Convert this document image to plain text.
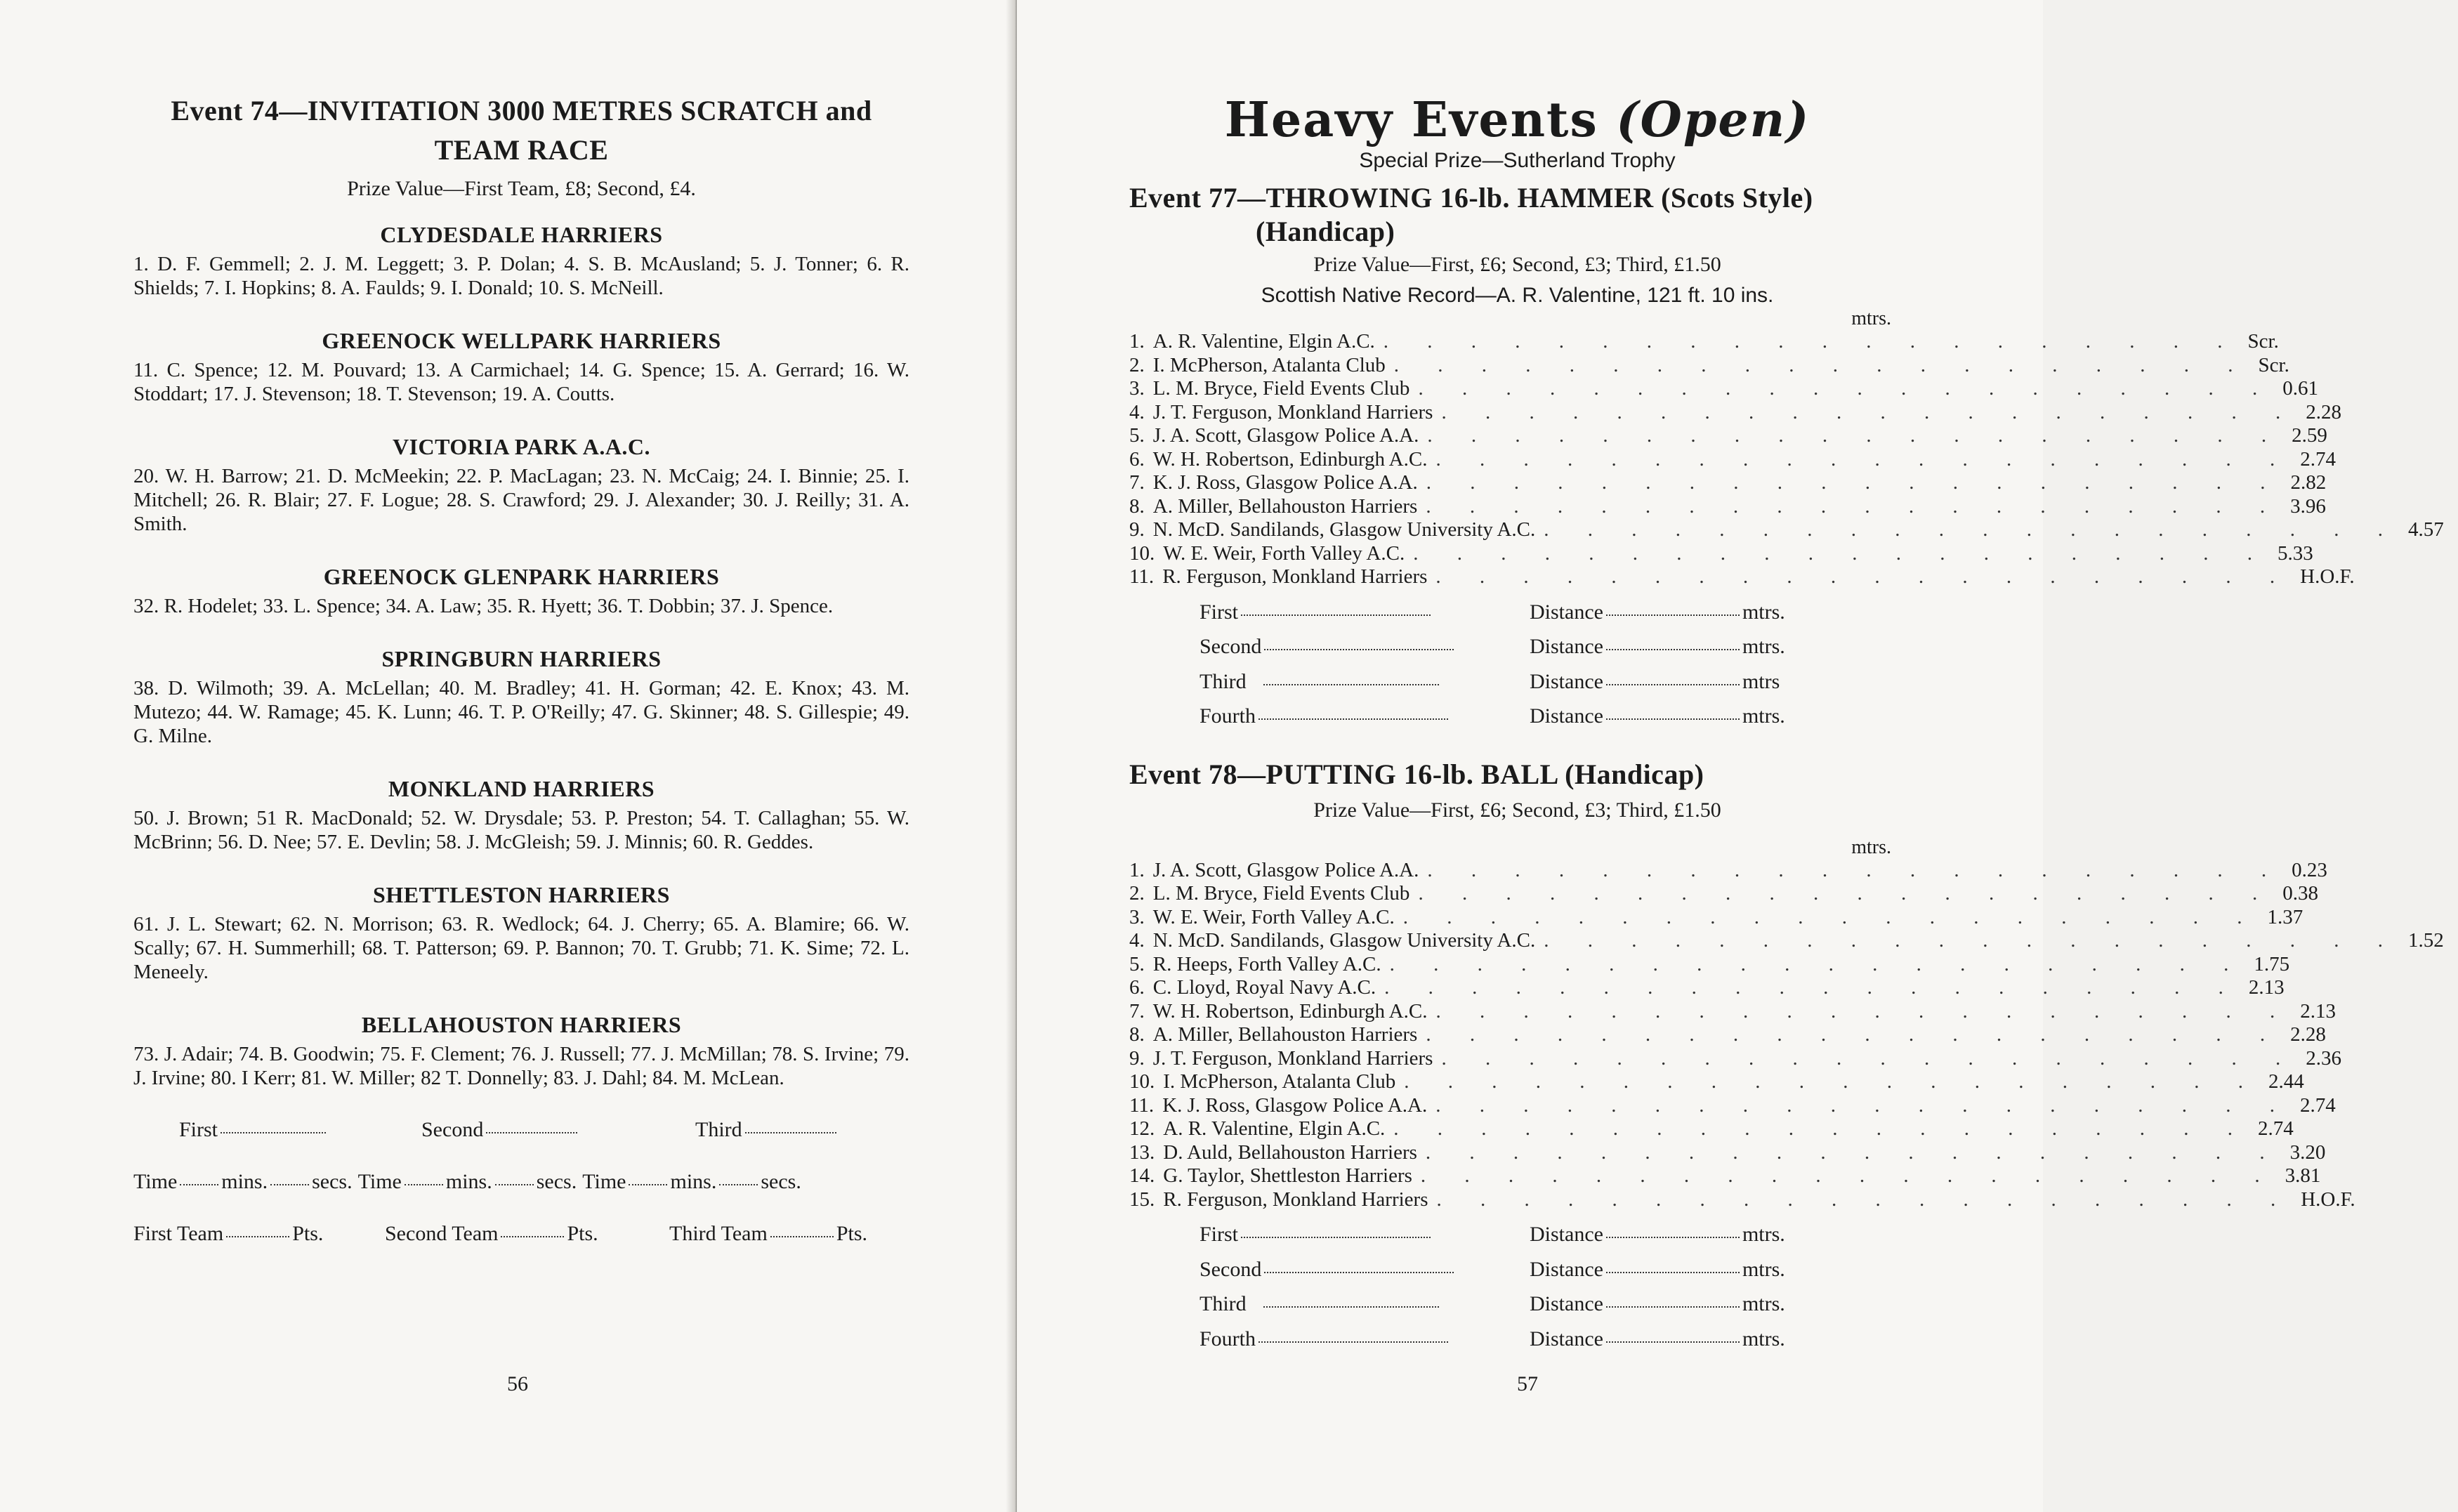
Event 74—INVITATION 3000 METRES SCRATCH and
TEAM RACE
Prize Value—First Team, £8; Second, £4.
CLYDESDALE HARRIERS
1. D. F. Gemmell; 2. J. M. Leggett; 3. P. Dolan; 4. S. B. McAusland; 5. J. Tonner; 6. R. Shields; 7. I. Hopkins; 8. A. Faulds; 9. I. Donald; 10. S. McNeill.
GREENOCK WELLPARK HARRIERS
11. C. Spence; 12. M. Pouvard; 13. A Carmichael; 14. G. Spence; 15. A. Gerrard; 16. W. Stoddart; 17. J. Stevenson; 18. T. Stevenson; 19. A. Coutts.
VICTORIA PARK A.A.C.
20. W. H. Barrow; 21. D. McMeekin; 22. P. MacLagan; 23. N. McCaig; 24. I. Binnie; 25. I. Mitchell; 26. R. Blair; 27. F. Logue; 28. S. Crawford; 29. J. Alexander; 30. J. Reilly; 31. A. Smith.
GREENOCK GLENPARK HARRIERS
32. R. Hodelet; 33. L. Spence; 34. A. Law; 35. R. Hyett; 36. T. Dobbin; 37. J. Spence.
SPRINGBURN HARRIERS
38. D. Wilmoth; 39. A. McLellan; 40. M. Bradley; 41. H. Gorman; 42. E. Knox; 43. M. Mutezo; 44. W. Ramage; 45. K. Lunn; 46. T. P. O'Reilly; 47. G. Skinner; 48. S. Gillespie; 49. G. Milne.
MONKLAND HARRIERS
50. J. Brown; 51 R. MacDonald; 52. W. Drysdale; 53. P. Preston; 54. T. Callaghan; 55. W. McBrinn; 56. D. Nee; 57. E. Devlin; 58. J. McGleish; 59. J. Minnis; 60. R. Geddes.
SHETTLESTON HARRIERS
61. J. L. Stewart; 62. N. Morrison; 63. R. Wedlock; 64. J. Cherry; 65. A. Blamire; 66. W. Scally; 67. H. Summerhill; 68. T. Patterson; 69. P. Bannon; 70. T. Grubb; 71. K. Sime; 72. L. Meneely.
BELLAHOUSTON HARRIERS
73. J. Adair; 74. B. Goodwin; 75. F. Clement; 76. J. Russell; 77. J. McMillan; 78. S. Irvine; 79. J. Irvine; 80. I Kerr; 81. W. Miller; 82 T. Donnelly; 83. J. Dahl; 84. M. McLean.
First	Second	Third
Time mins. secs. Time mins. secs. Time mins. secs.
First Team	Pts.	Second Team	Pts.	Third Team	Pts.
56
Heavy Events (Open)
Special Prize—Sutherland Trophy
Event 77—THROWING 16-lb. HAMMER (Scots Style)
(Handicap)
Prize Value—First, £6; Second, £3; Third, £1.50
Scottish Native Record—A. R. Valentine, 121 ft. 10 ins.
mtrs.
1. A. R. Valentine, Elgin A.C. . . . . . . . . . . . . . . . . . . . . Scr.
2. I. McPherson, Atalanta Club . . . . . . . . . . . . . . . . . . . . Scr.
3. L. M. Bryce, Field Events Club . . . . . . . . . . . . . . . . . . . . 0.61
4. J. T. Ferguson, Monkland Harriers . . . . . . . . . . . . . . . . . . . . 2.28
5. J. A. Scott, Glasgow Police A.A. . . . . . . . . . . . . . . . . . . . . 2.59
6. W. H. Robertson, Edinburgh A.C. . . . . . . . . . . . . . . . . . . . . 2.74
7. K. J. Ross, Glasgow Police A.A. . . . . . . . . . . . . . . . . . . . . 2.82
8. A. Miller, Bellahouston Harriers . . . . . . . . . . . . . . . . . . . . 3.96
9. N. McD. Sandilands, Glasgow University A.C. . . . . . . . . . . . . . . . . . . . . 4.57
10. W. E. Weir, Forth Valley A.C. . . . . . . . . . . . . . . . . . . . . 5.33
11. R. Ferguson, Monkland Harriers . . . . . . . . . . . . . . . . . . . . H.O.F.
First	Distance	mtrs.
Second	Distance	mtrs.
Third	Distance	mtrs
Fourth	Distance	mtrs.
Event 78—PUTTING 16-lb. BALL (Handicap)
Prize Value—First, £6; Second, £3; Third, £1.50
mtrs.
1. J. A. Scott, Glasgow Police A.A. . . . . . . . . . . . . . . . . . . . . 0.23
2. L. M. Bryce, Field Events Club . . . . . . . . . . . . . . . . . . . . 0.38
3. W. E. Weir, Forth Valley A.C. . . . . . . . . . . . . . . . . . . . . 1.37
4. N. McD. Sandilands, Glasgow University A.C. . . . . . . . . . . . . . . . . . . . . 1.52
5. R. Heeps, Forth Valley A.C. . . . . . . . . . . . . . . . . . . . . 1.75
6. C. Lloyd, Royal Navy A.C. . . . . . . . . . . . . . . . . . . . . 2.13
7. W. H. Robertson, Edinburgh A.C. . . . . . . . . . . . . . . . . . . . . 2.13
8. A. Miller, Bellahouston Harriers . . . . . . . . . . . . . . . . . . . . 2.28
9. J. T. Ferguson, Monkland Harriers . . . . . . . . . . . . . . . . . . . . 2.36
10. I. McPherson, Atalanta Club . . . . . . . . . . . . . . . . . . . . 2.44
11. K. J. Ross, Glasgow Police A.A. . . . . . . . . . . . . . . . . . . . . 2.74
12. A. R. Valentine, Elgin A.C. . . . . . . . . . . . . . . . . . . . . 2.74
13. D. Auld, Bellahouston Harriers . . . . . . . . . . . . . . . . . . . . 3.20
14. G. Taylor, Shettleston Harriers . . . . . . . . . . . . . . . . . . . . 3.81
15. R. Ferguson, Monkland Harriers . . . . . . . . . . . . . . . . . . . . H.O.F.
First	Distance	mtrs.
Second	Distance	mtrs.
Third	Distance	mtrs.
Fourth	Distance	mtrs.
57
